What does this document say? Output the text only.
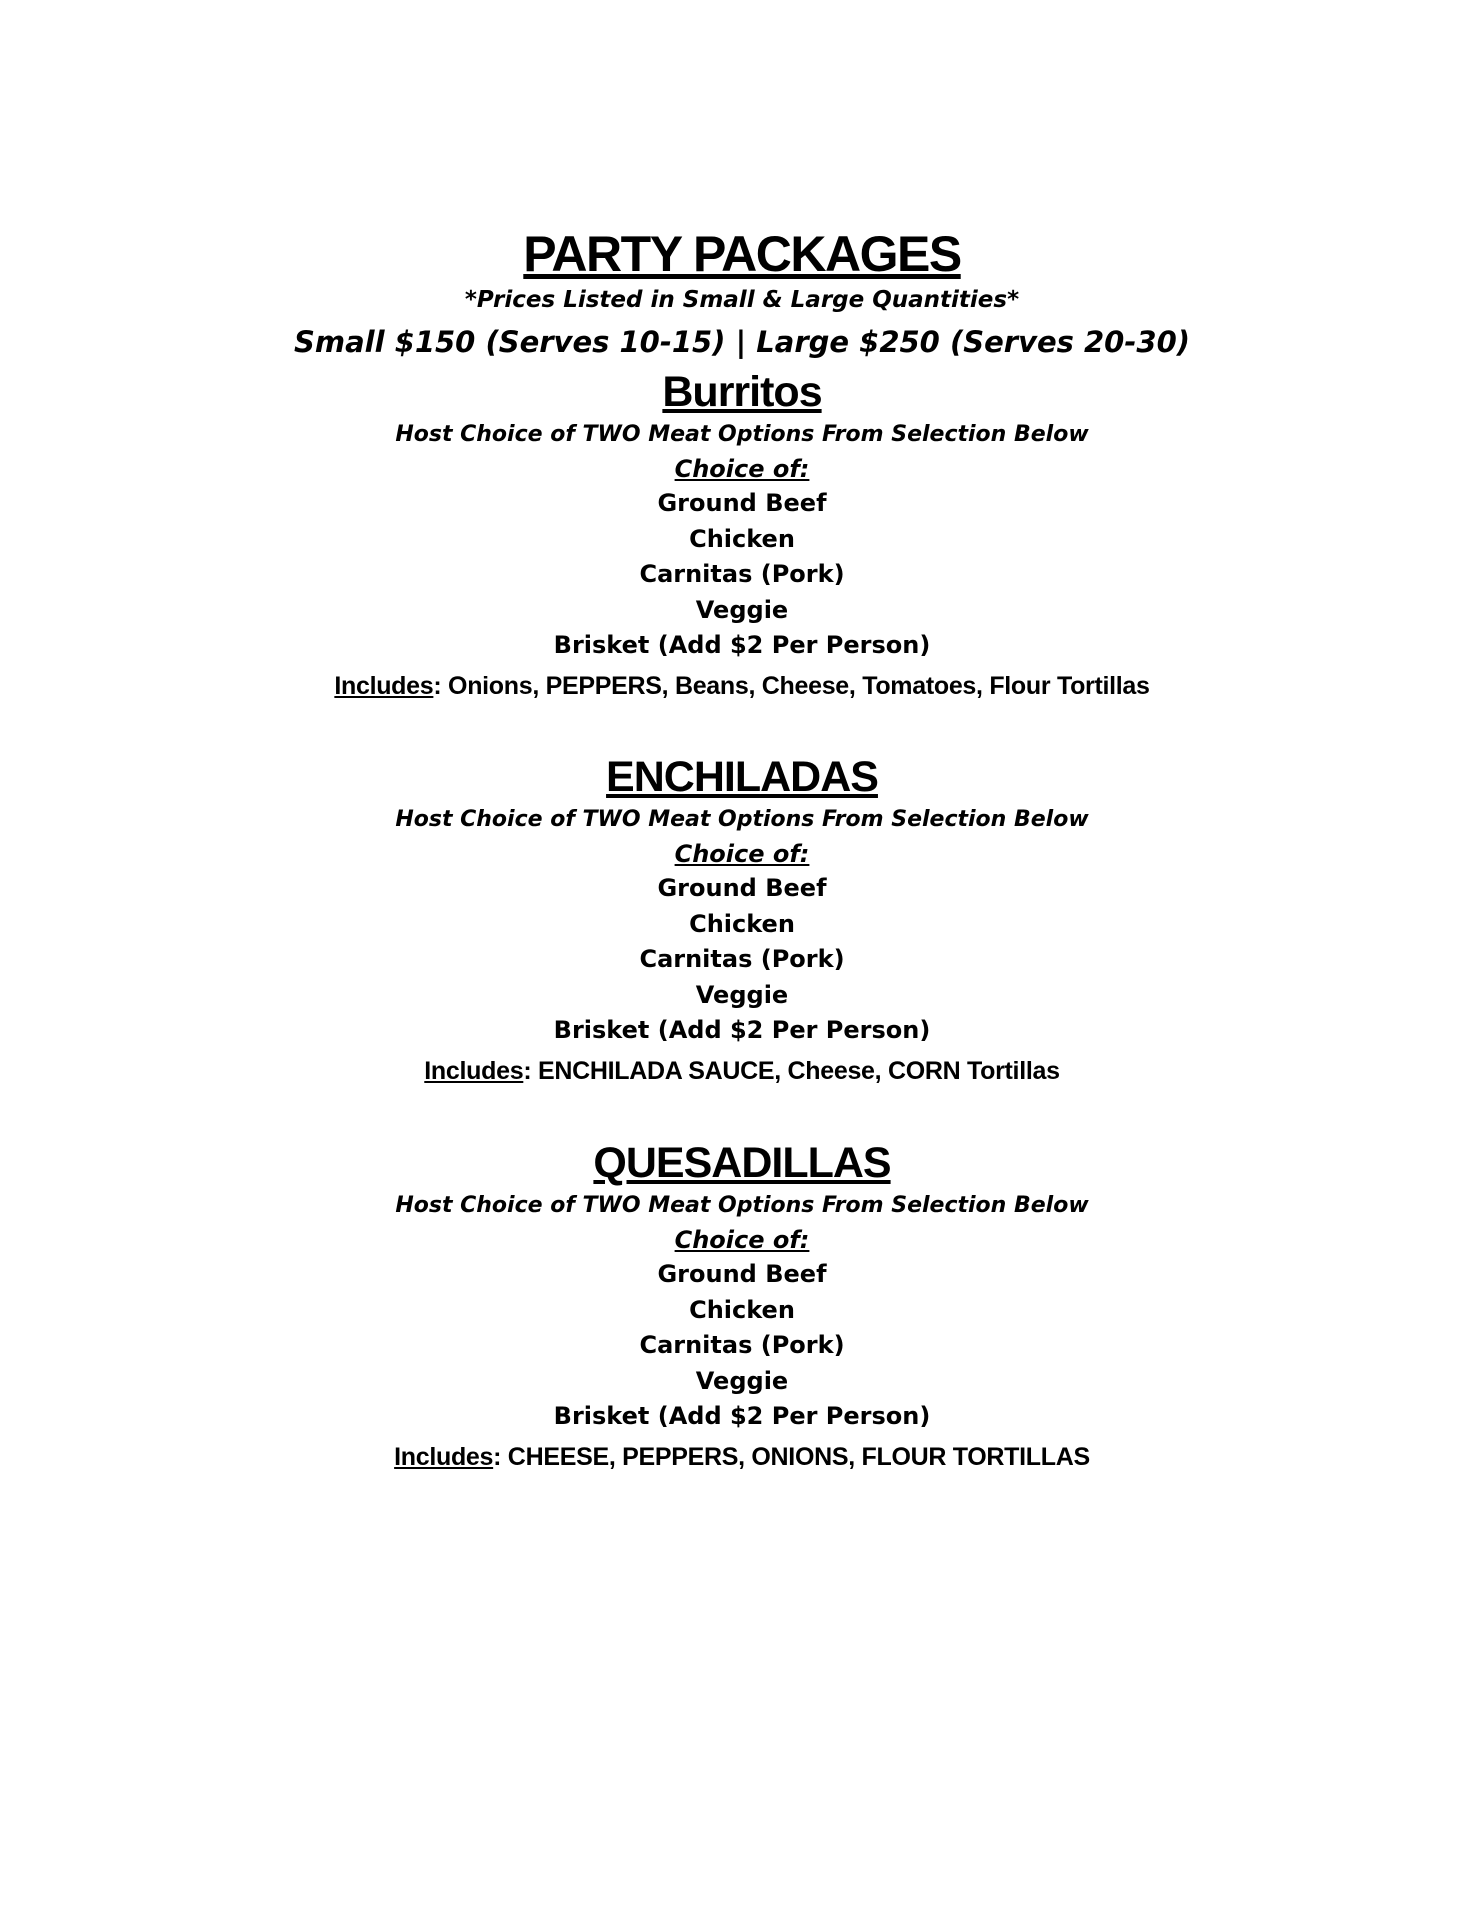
PARTY PACKAGES
*Prices Listed in Small & Large Quantities*
Small $150 (Serves 10-15) | Large $250 (Serves 20-30)
Burritos
Host Choice of TWO Meat Options From Selection Below
Choice of:
Ground Beef
Chicken
Carnitas (Pork)
Veggie
Brisket (Add $2 Per Person)
Includes: Onions, PEPPERS, Beans, Cheese, Tomatoes, Flour Tortillas
ENCHILADAS
Host Choice of TWO Meat Options From Selection Below
Choice of:
Ground Beef
Chicken
Carnitas (Pork)
Veggie
Brisket (Add $2 Per Person)
Includes: ENCHILADA SAUCE, Cheese, CORN Tortillas
QUESADILLAS
Host Choice of TWO Meat Options From Selection Below
Choice of:
Ground Beef
Chicken
Carnitas (Pork)
Veggie
Brisket (Add $2 Per Person)
Includes: CHEESE, PEPPERS, ONIONS, FLOUR TORTILLAS
